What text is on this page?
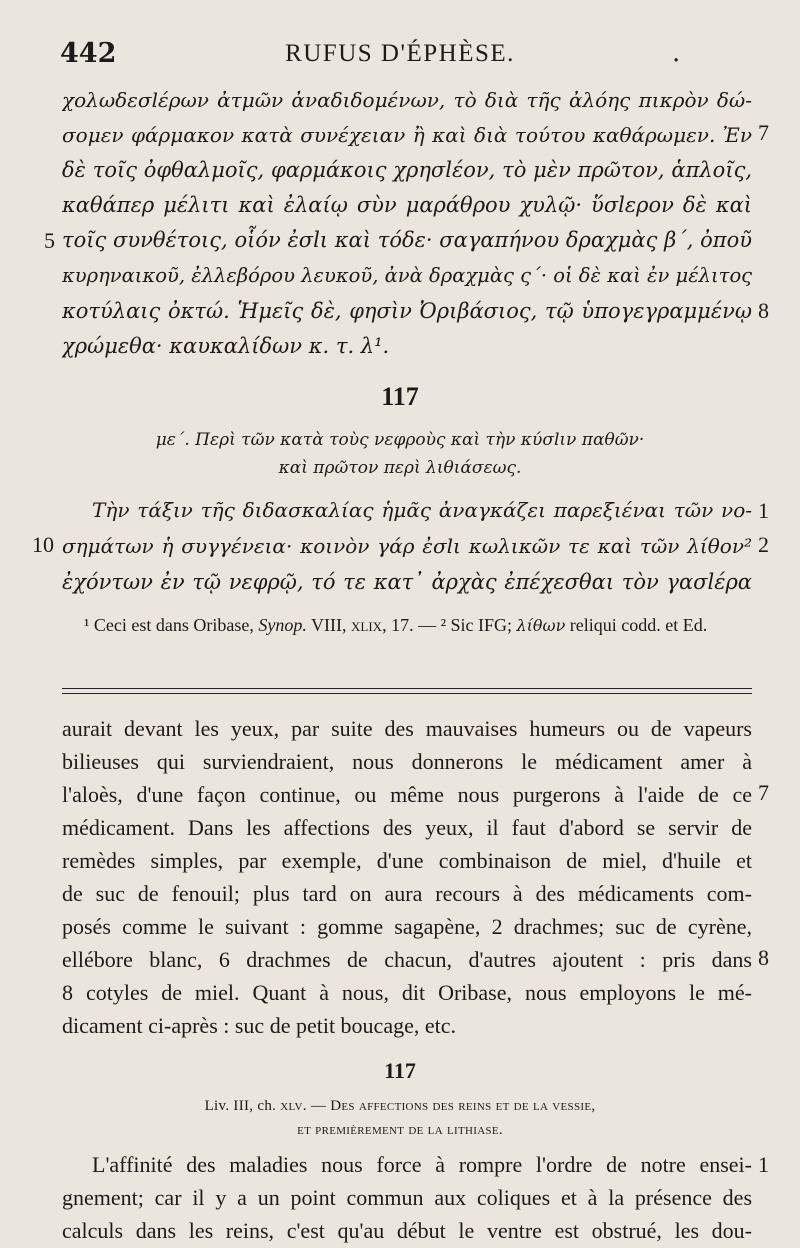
442	RUFUS D'ÉPHÈSE.	.
χολωδεσlέρων ἀτμῶν ἀναδιδομένων, τὸ διὰ τῆς ἀλόης πικρὸν δώ-
σομεν φάρμακον κατὰ συνέχειαν ἢ καὶ διὰ τούτου καθάρωμεν. Ἐν
δὲ τοῖς ὀφθαλμοῖς, φαρμάκοις χρησlέον, τὸ μὲν πρῶτον, ἁπλοῖς,
καθάπερ μέλιτι καὶ ἐλαίῳ σὺν μαράθρου χυλῷ· ὕσlερον δὲ καὶ
τοῖς συνθέτοις, οἷόν ἐσlι καὶ τόδε· σαγαπήνου δραχμὰς β´, ὀποῦ
κυρηναικοῦ, ἐλλεβόρου λευκοῦ, ἀνὰ δραχμὰς ς´· οἱ δὲ καὶ ἐν μέλιτος
κοτύλαις ὀκτώ. Ἡμεῖς δὲ, φησὶν Ὀριβάσιος, τῷ ὑπογεγραμμένῳ
χρώμεθα· καυκαλίδων κ. τ. λ¹.
7
5
8
117
με´. Περὶ τῶν κατὰ τοὺς νεφροὺς καὶ τὴν κύσlιν παθῶν·
καὶ πρῶτον περὶ λιθιάσεως.
Τὴν τάξιν τῆς διδασκαλίας ἡμᾶς ἀναγκάζει παρεξιέναι τῶν νο-
σημάτων ἡ συγγένεια· κοινὸν γάρ ἐσlι κωλικῶν τε καὶ τῶν λίθον²
ἐχόντων ἐν τῷ νεφρῷ, τό τε κατ᾽ ἀρχὰς ἐπέχεσθαι τὸν γασlέρα
1
10	2
¹ Ceci est dans Oribase, Synop. VIII, xlix, 17. — ² Sic IFG; λίθων reliqui codd. et Ed.
aurait devant les yeux, par suite des mauvaises humeurs ou de vapeurs
bilieuses qui surviendraient, nous donnerons le médicament amer à
l'aloès, d'une façon continue, ou même nous purgerons à l'aide de ce
médicament. Dans les affections des yeux, il faut d'abord se servir de
remèdes simples, par exemple, d'une combinaison de miel, d'huile et
de suc de fenouil; plus tard on aura recours à des médicaments com-
posés comme le suivant : gomme sagapène, 2 drachmes; suc de cyrène,
ellébore blanc, 6 drachmes de chacun, d'autres ajoutent : pris dans
8 cotyles de miel. Quant à nous, dit Oribase, nous employons le mé-
dicament ci-après : suc de petit boucage, etc.
7
8
117
Liv. III, ch. xlv. — Des affections des reins et de la vessie,
et premièrement de la lithiase.
L'affinité des maladies nous force à rompre l'ordre de notre ensei-
gnement; car il y a un point commun aux coliques et à la présence des
calculs dans les reins, c'est qu'au début le ventre est obstrué, les dou-
1
